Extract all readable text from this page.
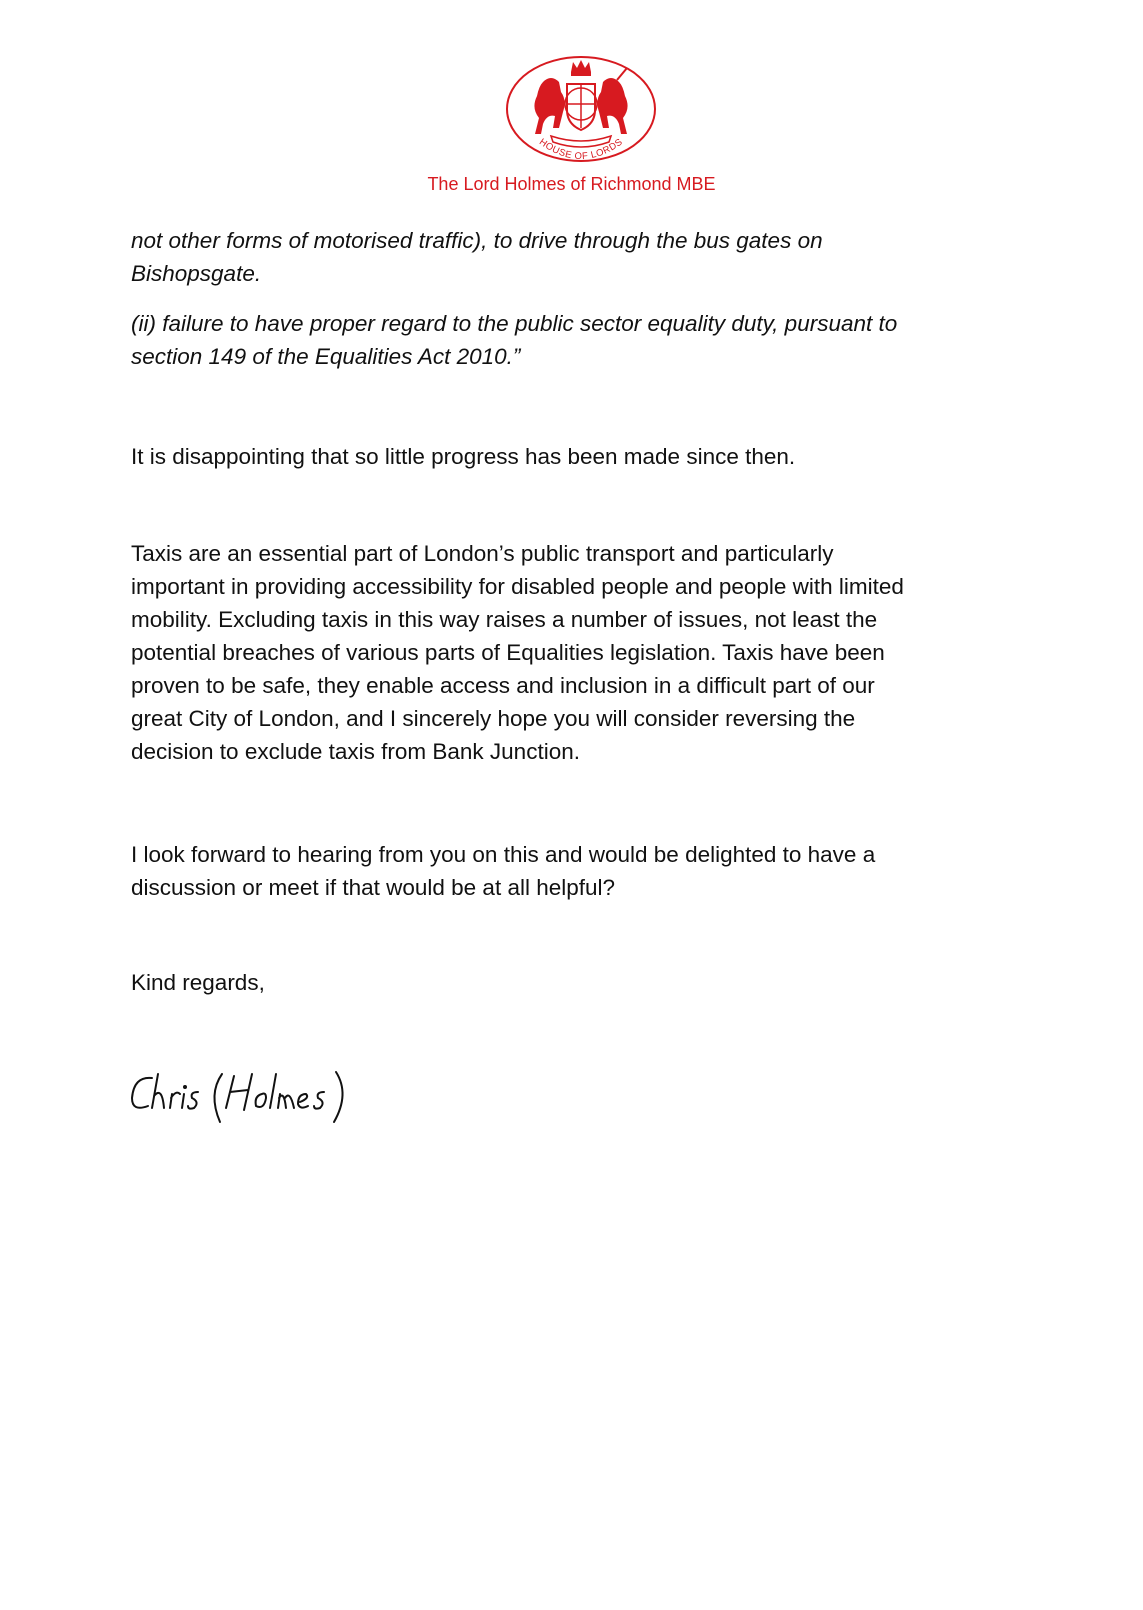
HOUSE OF LORDS
The Lord Holmes of Richmond MBE

not other forms of motorised traffic), to drive through the bus gates on
Bishopsgate.

(ii) failure to have proper regard to the public sector equality duty, pursuant to
section 149 of the Equalities Act 2010.”

It is disappointing that so little progress has been made since then.

Taxis are an essential part of London’s public transport and particularly
important in providing accessibility for disabled people and people with limited
mobility. Excluding taxis in this way raises a number of issues, not least the
potential breaches of various parts of Equalities legislation. Taxis have been
proven to be safe, they enable access and inclusion in a difficult part of our
great City of London, and I sincerely hope you will consider reversing the
decision to exclude taxis from Bank Junction.

I look forward to hearing from you on this and would be delighted to have a
discussion or meet if that would be at all helpful?

Kind regards,
